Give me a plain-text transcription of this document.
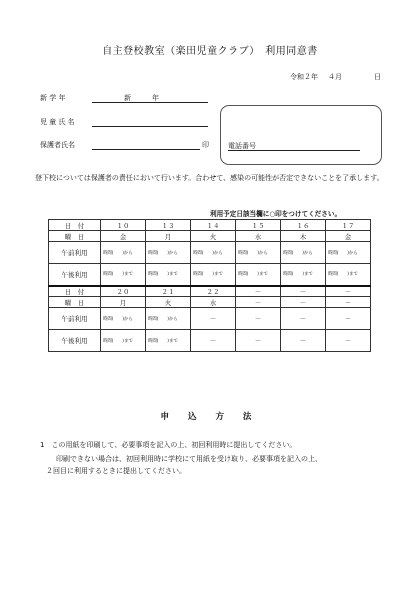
自主登校教室（楽田児童クラブ）　利用同意書
令和２年 ４月	日
新 学 年	新　　　年
児 童 氏 名
保護者氏名	印	電話番号
登下校については保護者の責任において行います。合わせて、感染の可能性が否定できないことを了承します。
利用予定日該当欄に○印をつけてください。
日　付	１０	１３	１４	１５	１６	１７
曜　日	金	月	火	水	木	金
午前利用	時間(　　)から	時間(　　)から	時間(　　)から	時間(　　)から	時間(　　)から	時間(　　)から
午後利用	時間(　　)まで	時間(　　)まで	時間(　　)まで	時間(　　)まで	時間(　　)まで	時間(　　)まで
日　付	２０	２１	２２	－	－	－
曜　日	月	火	水	－	－	－
午前利用	時間(　　)から	時間(　　)から	－	－	－	－
午後利用	時間(　　)まで	時間(　　)まで	－	－	－	－
申 込 方 法
1　この用紙を印刷して、必要事項を記入の上、初回利用時に提出してください。
印刷できない場合は、初回利用時に学校にて用紙を受け取り、必要事項を記入の上、
２回目に利用するときに提出してください。
